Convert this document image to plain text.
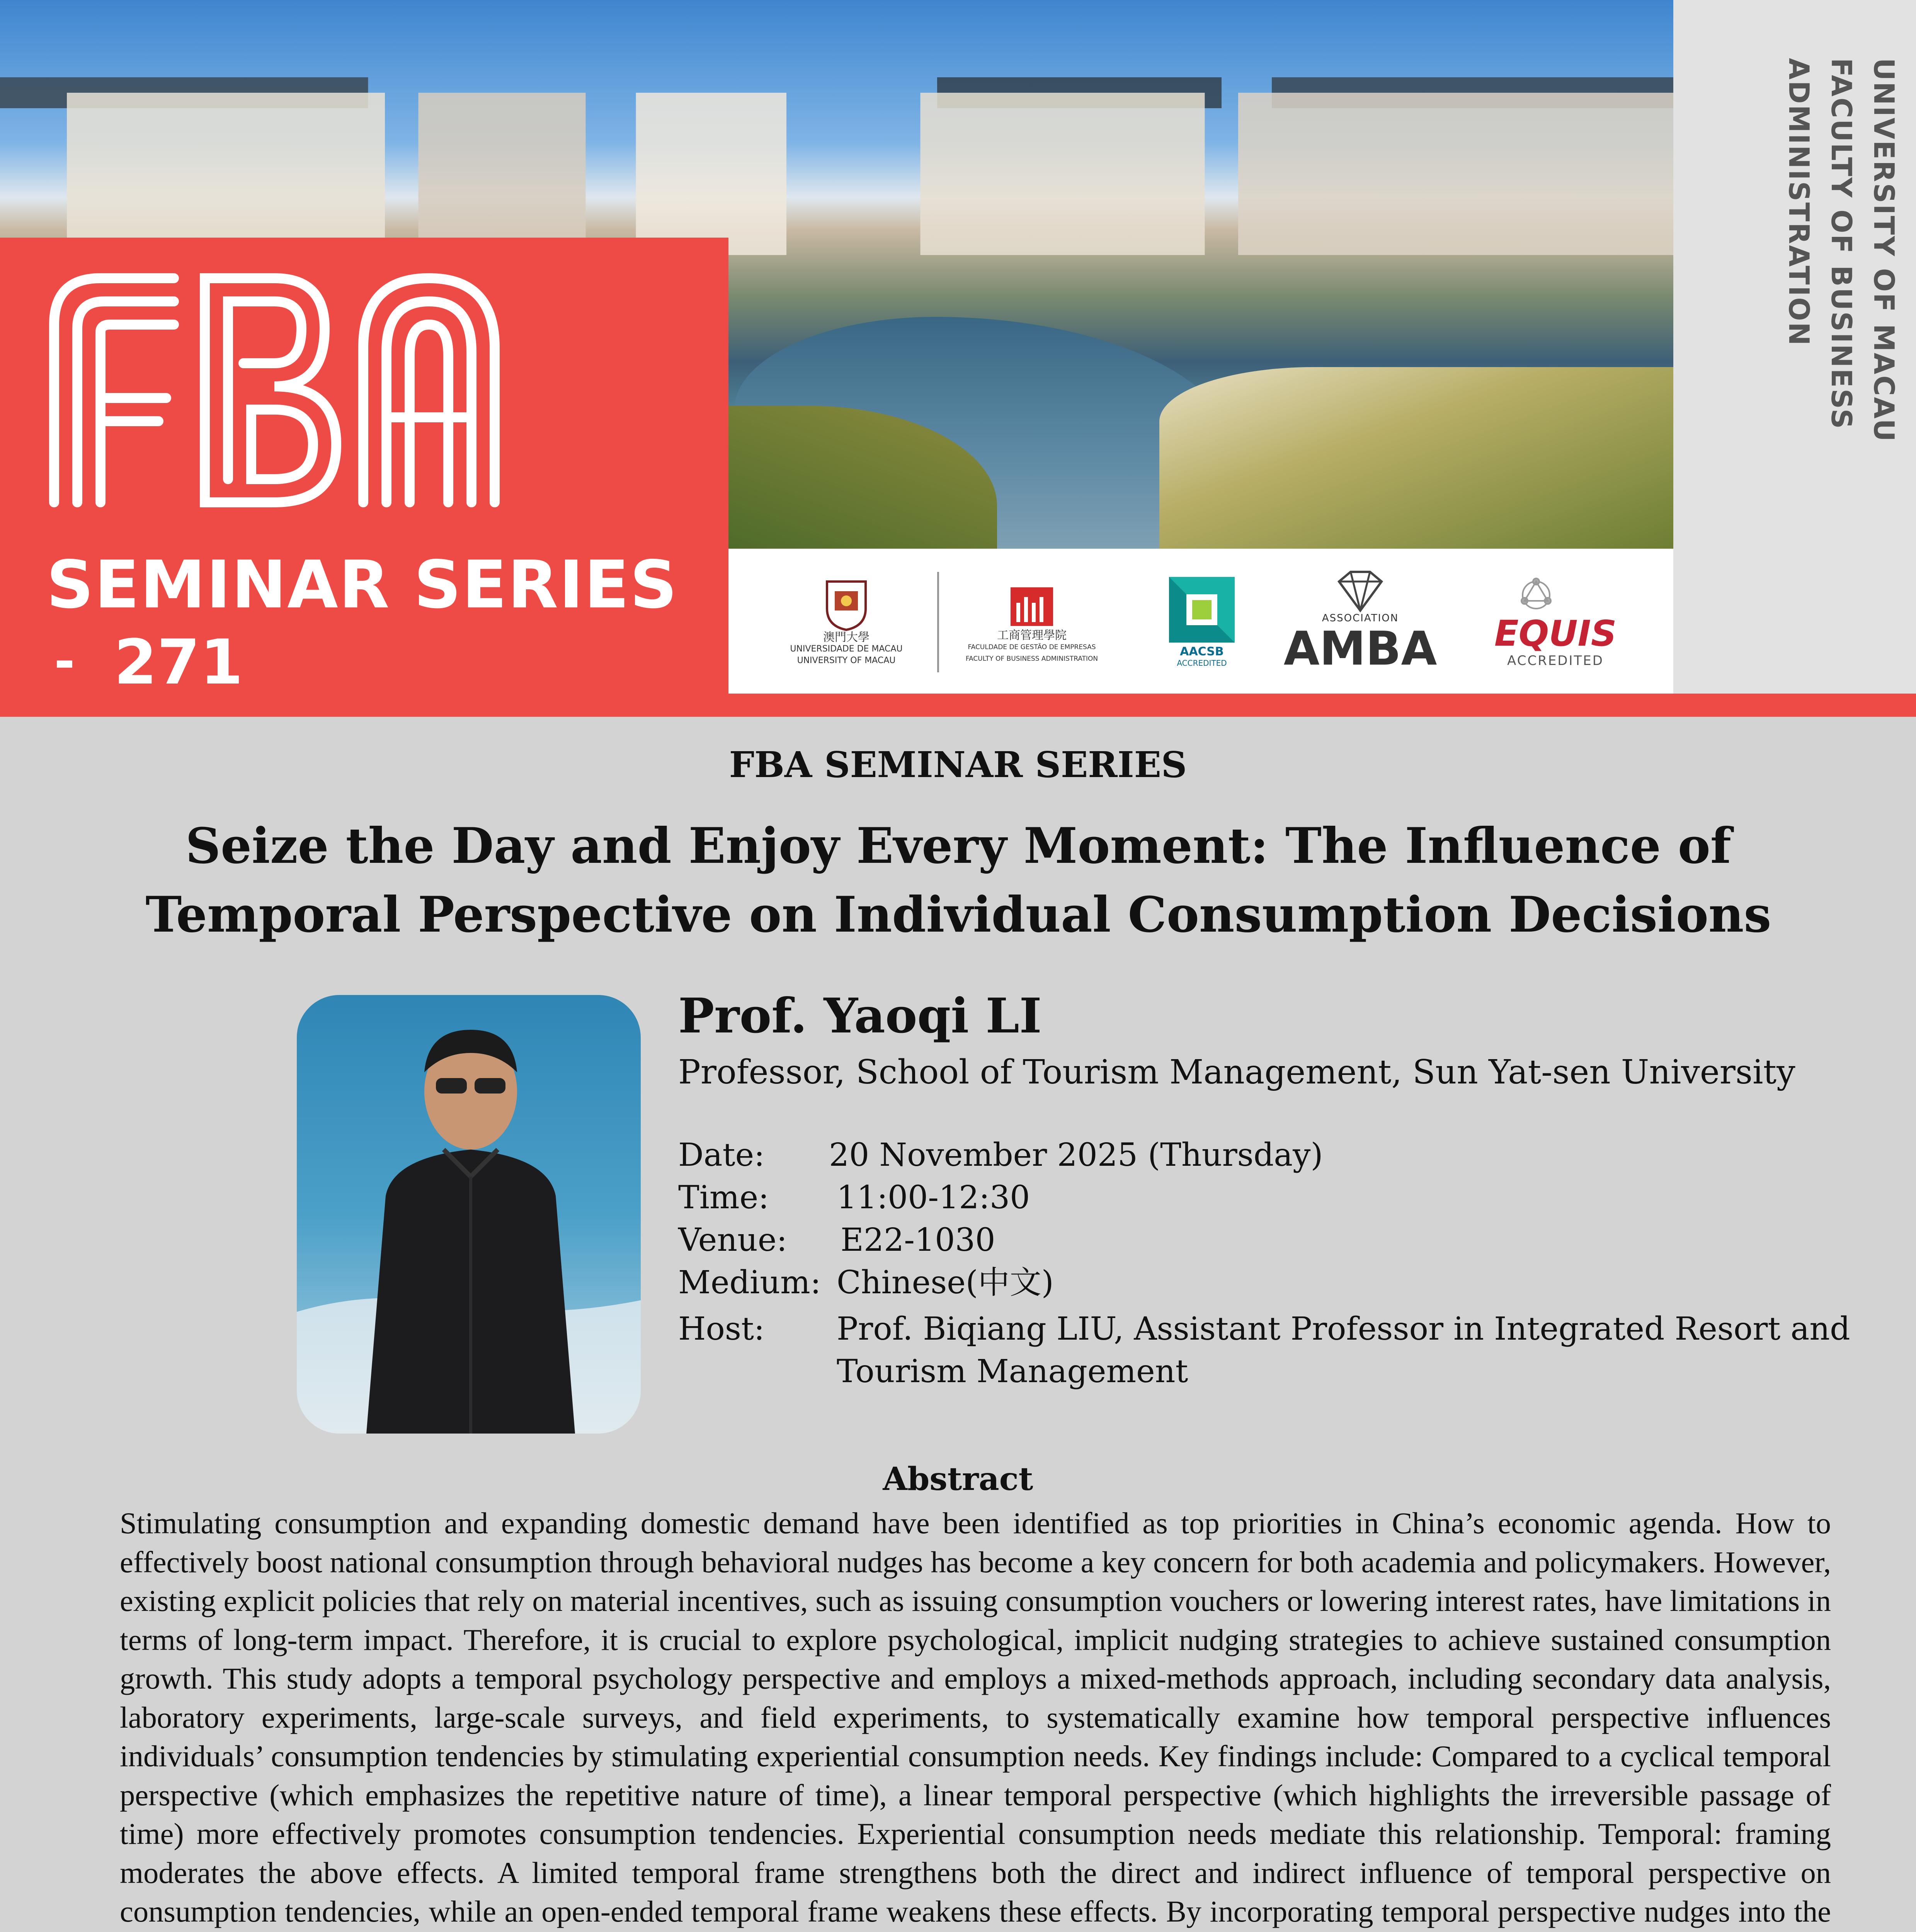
SEMINAR SERIES
- 271	澳門大學
UNIVERSIDADE DE MACAU
UNIVERSITY OF MACAU
工商管理學院
FACULDADE DE GESTÃO DE EMPRESAS
FACULTY OF BUSINESS ADMINISTRATION
AACSB
ACCREDITED
ASSOCIATION
AMBA EQUIS
ACCREDITED
UNIVERSITY OF MACAU
FACULTY OF BUSINESS ADMINISTRATION
FBA SEMINAR SERIES
Seize the Day and Enjoy Every Moment: The Influence of Temporal Perspective on Individual Consumption Decisions
Prof. Yaoqi LI
Professor, School of Tourism Management, Sun Yat-sen University
Date:	20 November 2025 (Thursday)
Time:	11:00-12:30
Venue:	E22-1030
Medium: Chinese(中文)
Host:	Prof. Biqiang LIU, Assistant Professor in Integrated Resort and Tourism Management
Abstract
Stimulating consumption and expanding domestic demand have been identified as top priorities in China’s economic agenda. How to effectively boost national consumption through behavioral nudges has become a key concern for both academia and policymakers. However, existing explicit policies that rely on material incentives, such as issuing consumption vouchers or lowering interest rates, have limitations in terms of long-term impact. Therefore, it is crucial to explore psychological, implicit nudging strategies to achieve sustained consumption growth. This study adopts a temporal psychology perspective and employs a mixed-methods approach, including secondary data analysis, laboratory experiments, large-scale surveys, and field experiments, to systematically examine how temporal perspective influences individuals’ consumption tendencies by stimulating experiential consumption needs. Key findings include: Compared to a cyclical temporal perspective (which emphasizes the repetitive nature of time), a linear temporal perspective (which highlights the irreversible passage of time) more effectively promotes consumption tendencies. Experiential consumption needs mediate this relationship. Temporal: framing moderates the above effects. A limited temporal frame strengthens both the direct and indirect influence of temporal perspective on consumption tendencies, while an open-ended temporal frame weakens these effects. By incorporating temporal perspective nudges into the
